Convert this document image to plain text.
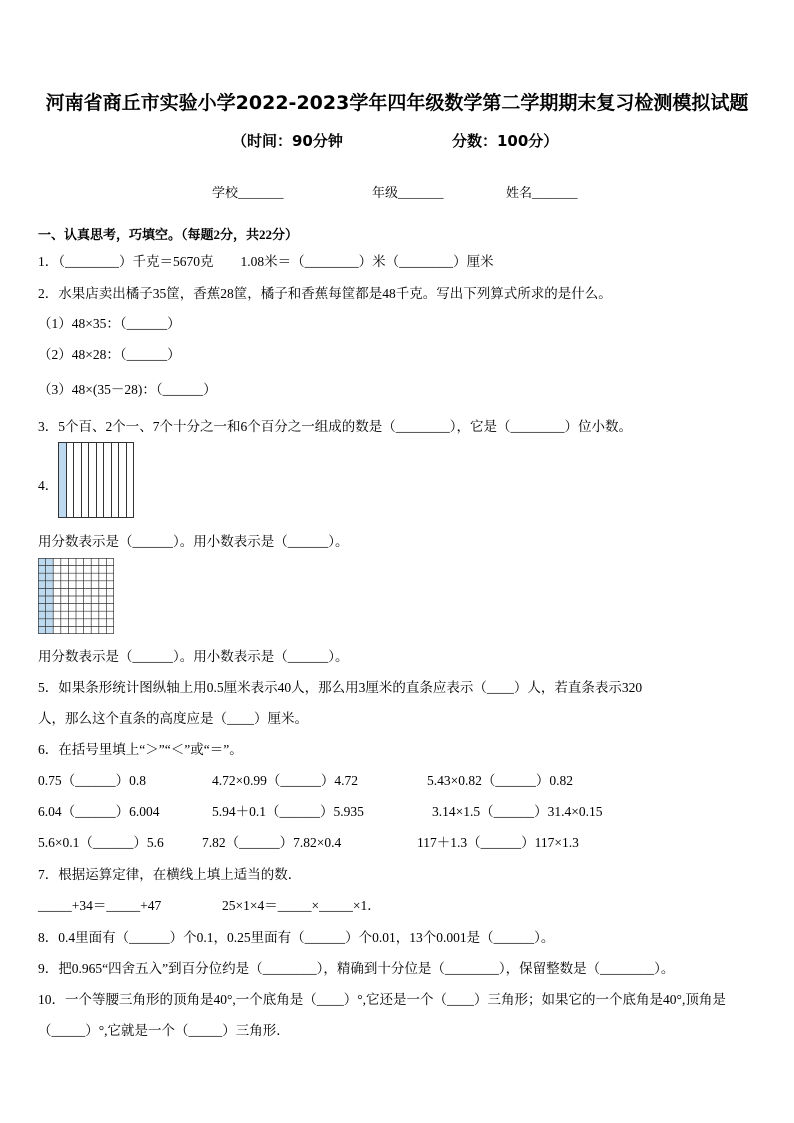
河南省商丘市实验小学2022-2023学年四年级数学第二学期期末复习检测模拟试题
（时间：90分钟	分数：100分）
学校_______	年级_______	姓名_______
一、认真思考，巧填空。（每题2分，共22分）
1．（________）千克＝5670克　　1.08米＝（________）米（________）厘米
2．水果店卖出橘子35筐，香蕉28筐，橘子和香蕉每筐都是48千克。写出下列算式所求的是什么。
（1）48×35：（______）
（2）48×28：（______）
（3）48×(35－28)：（______）
3．5个百、2个一、7个十分之一和6个百分之一组成的数是（________），它是（________）位小数。
4．
用分数表示是（______）。用小数表示是（______）。
用分数表示是（______）。用小数表示是（______）。
5．如果条形统计图纵轴上用0.5厘米表示40人，那么用3厘米的直条应表示（____）人，若直条表示320
人，那么这个直条的高度应是（____）厘米。
6．在括号里填上“＞”“＜”或“＝”。
0.75（______）0.8	4.72×0.99（______）4.72	5.43×0.82（______）0.82
6.04（______）6.004	5.94＋0.1（______）5.935	3.14×1.5（______）31.4×0.15
5.6×0.1（______）5.6	7.82（______）7.82×0.4	117＋1.3（______）117×1.3
7．根据运算定律，在横线上填上适当的数．
_____+34＝_____+47	25×1×4＝_____×_____×1．
8．0.4里面有（______）个0.1，0.25里面有（______）个0.01，13个0.001是（______）。
9．把0.965“四舍五入”到百分位约是（________），精确到十分位是（________），保留整数是（________）。
10．一个等腰三角形的顶角是40°,一个底角是（____）°,它还是一个（____）三角形；如果它的一个底角是40°,顶角是
（_____）°,它就是一个（_____）三角形．
